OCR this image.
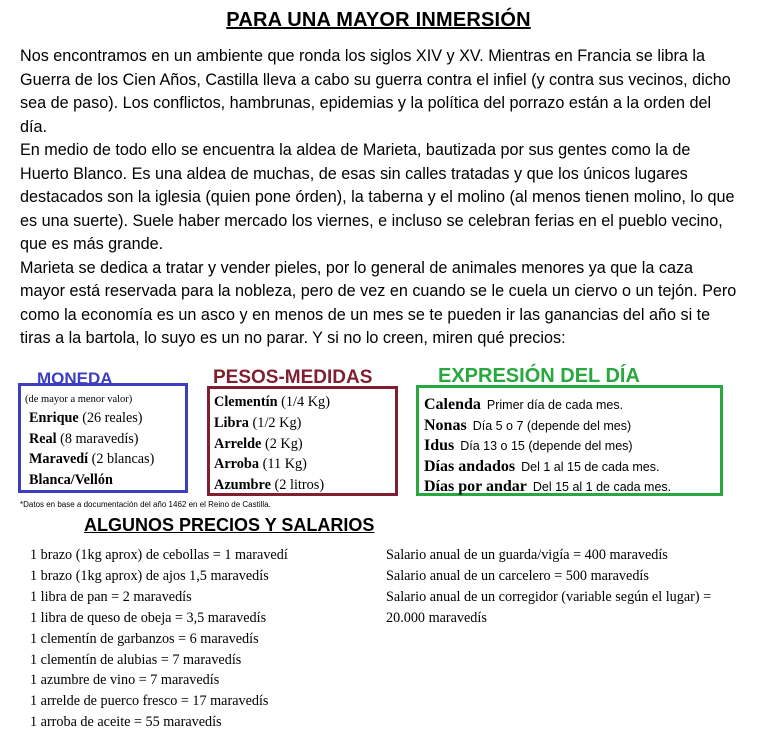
PARA UNA MAYOR INMERSIÓN

Nos encontramos en un ambiente que ronda los siglos XIV y XV. Mientras en Francia se libra la Guerra de los Cien Años, Castilla lleva a cabo su guerra contra el infiel (y contra sus vecinos, dicho sea de paso). Los conflictos, hambrunas, epidemias y la política del porrazo están a la orden del día.

En medio de todo ello se encuentra la aldea de Marieta, bautizada por sus gentes como la de Huerto Blanco. Es una aldea de muchas, de esas sin calles tratadas y que los únicos lugares destacados son la iglesia (quien pone órden), la taberna y el molino (al menos tienen molino, lo que es una suerte). Suele haber mercado los viernes, e incluso se celebran ferias en el pueblo vecino, que es más grande.

Marieta se dedica a tratar y vender pieles, por lo general de animales menores ya que la caza mayor está reservada para la nobleza, pero de vez en cuando se le cuela un ciervo o un tejón. Pero como la economía es un asco y en menos de un mes se te pueden ir las ganancias del año si te tiras a la bartola, lo suyo es un no parar. Y si no lo creen, miren qué precios:

MONEDA
(de mayor a menor valor)
Enrique (26 reales)
Real (8 maravedís)
Maravedí (2 blancas)
Blanca/Vellón
PESOS-MEDIDAS
Clementín (1/4 Kg)
Libra (1/2 Kg)
Arrelde (2 Kg)
Arroba (11 Kg)
Azumbre (2 litros)
EXPRESIÓN DEL DÍA
Calenda Primer día de cada mes.
Nonas Día 5 o 7 (depende del mes)
Idus Día 13 o 15 (depende del mes)
Días andados Del 1 al 15 de cada mes.
Días por andar Del 15 al 1 de cada mes.
*Datos en base a documentación del año 1462 en el Reino de Castilla.
ALGUNOS PRECIOS Y SALARIOS
1 brazo (1kg aprox) de cebollas = 1 maravedí
1 brazo (1kg aprox) de ajos 1,5 maravedís
1 libra de pan = 2 maravedís
1 libra de queso de obeja = 3,5 maravedís
1 clementín de garbanzos = 6 maravedís
1 clementín de alubias = 7 maravedís
1 azumbre de vino = 7 maravedís
1 arrelde de puerco fresco = 17 maravedís
1 arroba de aceite = 55 maravedís
Salario anual de un guarda/vigía = 400 maravedís
Salario anual de un carcelero = 500 maravedís
Salario anual de un corregidor (variable según el lugar) = 20.000 maravedís
